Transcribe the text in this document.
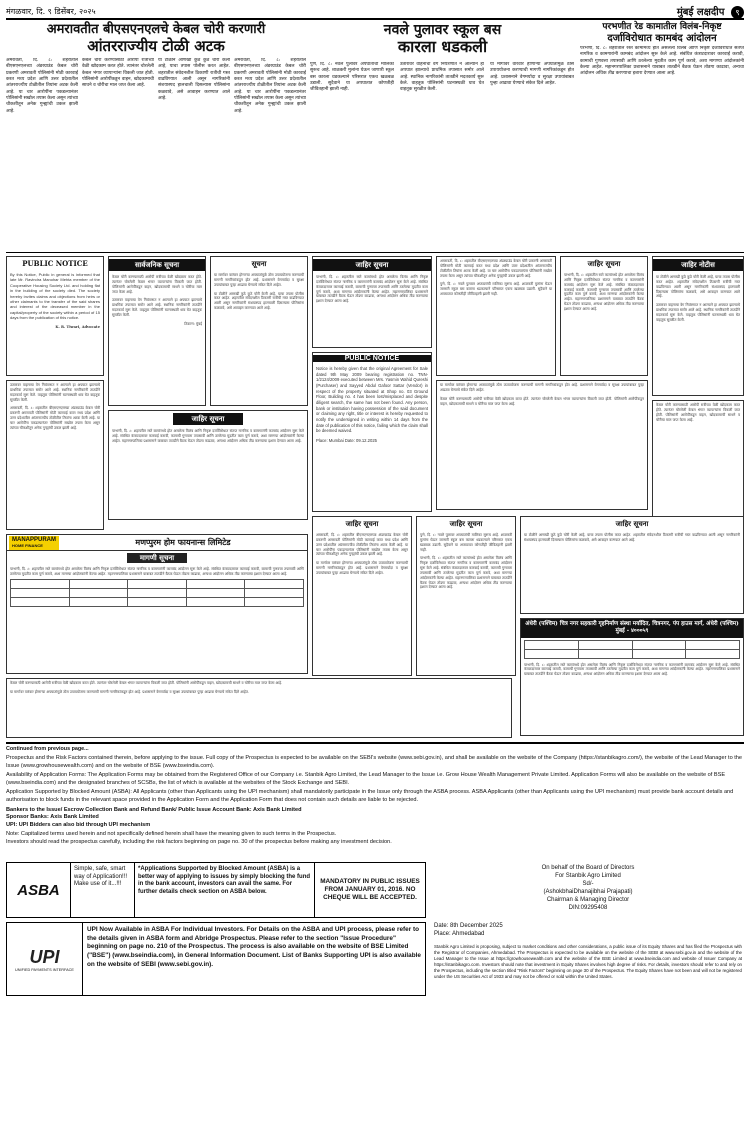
मंगळवार, दि. ९ डिसेंबर, २०२५	मुंबई लक्षदीप ९
अमरावतीत बीएसएनएलचे केबल चोरी करणारी
आंतरराज्यीय टोळी अटक
अमरावती, दि. ८: शहरातील बीएसएनएलच्या अंडरग्राउंड केबल चोरी प्रकरणी अमरावती पोलिसांनी मोठी कारवाई करत मध्य प्रदेश आणि उत्तर प्रदेशातील आंतरराज्यीय टोळीतील तिघांना अटक केली आहे. या चार आरोपींना पकडल्यानंतर पोलिसांनी सखोल तपास केला असून त्यांच्या चौकशीतून अनेक गुन्ह्यांची उकल झाली आहे.
केबल चोरी करण्यासाठी आरोपी रात्रीच्या वेळी खोदकाम करत होते. त्यानंतर चोरलेली केबल भंगार व्यापाऱ्यांना विकली जात होती. पोलिसांनी आरोपींकडून वाहन, खोदकामाची साधने व चोरीचा माल जप्त केला आहे.
या टोळीने आणखी कुठे कुठे चोरी केली आहे, याचा तपास पोलीस करत आहेत. शहरातील संवेदनशील ठिकाणी रात्रीची गस्त वाढविण्यात आली असून नागरिकांनी संशयास्पद हालचाली दिसल्यास पोलिसांना कळवावे, असे आवाहन करण्यात आले आहे.
अमरावती, दि. ८: शहरातील बीएसएनएलच्या अंडरग्राउंड केबल चोरी प्रकरणी अमरावती पोलिसांनी मोठी कारवाई करत मध्य प्रदेश आणि उत्तर प्रदेशातील आंतरराज्यीय टोळीतील तिघांना अटक केली आहे. या चार आरोपींना पकडल्यानंतर पोलिसांनी सखोल तपास केला असून त्यांच्या चौकशीतून अनेक गुन्ह्यांची उकल झाली आहे.
नवले पुलावर स्कूल बस
कारला धडकली
पुणे, दि. ८: नवले पुलावर अपघातांची मालिका सुरूच आहे. शाळकरी मुलांना घेऊन जाणारी स्कूल बस कारला धडकल्याने परिसरात एकच खळबळ उडाली. सुदैवाने या अपघातात कोणतीही जीवितहानी झाली नाही.
उतारावर वाहनाचा वेग नियंत्रणात न आल्याने हा अपघात झाल्याचे प्राथमिक तपासात समोर आले आहे. स्थानिक नागरिकांनी तातडीने मदतकार्य सुरू केले. वाहतूक पोलिसांनी घटनास्थळी धाव घेत वाहतूक सुरळीत केली.
या मार्गावर वारंवार होणाऱ्या अपघातांमुळे ठोस उपाययोजना करण्याची मागणी नागरिकांकडून होत आहे. प्रशासनाने वेगमर्यादा व सुरक्षा उपायांबाबत पुन्हा आढावा घेण्याचे संकेत दिले आहेत.
परभणीत रेड कामातील विलंब-निकृष्ट
दर्जाविरोधात कामबंद आंदोलन
परभणी, दि. ८: शहरातील रस्ते कामांमध्ये होत असलेला विलंब आणि निकृष्ट दर्जाविरोधात संतप्त नागरिक व कामगारांनी कामबंद आंदोलन सुरू केले आहे. संबंधित कंत्राटदारावर कारवाई करावी, कामाची गुणवत्ता तपासावी आणि ठरलेल्या मुदतीत काम पूर्ण करावे, अशा मागण्या आंदोलकांनी केल्या आहेत. महानगरपालिका प्रशासनाने याबाबत तातडीने बैठक घेऊन तोडगा काढावा, अन्यथा आंदोलन अधिक तीव्र करण्याचा इशारा देण्यात आला आहे.
PUBLIC NOTICE
By this Notice, Public in general is informed that late Mr. Ravindra Manohar Mehta member of the Cooperative Housing Society Ltd. and holding flat in the building of the society died. The society hereby invites claims and objections from heirs or other claimants to the transfer of the said shares and interest of the deceased member in the capital/property of the society within a period of 15 days from the publication of this notice.
K. R. Tiwari, Advocate
सार्वजनिक सूचना
केबल चोरी करण्यासाठी आरोपी रात्रीच्या वेळी खोदकाम करत होते. त्यानंतर चोरलेली केबल भंगार व्यापाऱ्यांना विकली जात होती. पोलिसांनी आरोपींकडून वाहन, खोदकामाची साधने व चोरीचा माल जप्त केला आहे.
उतारावर वाहनाचा वेग नियंत्रणात न आल्याने हा अपघात झाल्याचे प्राथमिक तपासात समोर आले आहे. स्थानिक नागरिकांनी तातडीने मदतकार्य सुरू केले. वाहतूक पोलिसांनी घटनास्थळी धाव घेत वाहतूक सुरळीत केली.
ठिकाण: मुंबई
सूचना
या मार्गावर वारंवार होणाऱ्या अपघातांमुळे ठोस उपाययोजना करण्याची मागणी नागरिकांकडून होत आहे. प्रशासनाने वेगमर्यादा व सुरक्षा उपायांबाबत पुन्हा आढावा घेण्याचे संकेत दिले आहेत.
या टोळीने आणखी कुठे कुठे चोरी केली आहे, याचा तपास पोलीस करत आहेत. शहरातील संवेदनशील ठिकाणी रात्रीची गस्त वाढविण्यात आली असून नागरिकांनी संशयास्पद हालचाली दिसल्यास पोलिसांना कळवावे, असे आवाहन करण्यात आले आहे.
जाहिर सूचना
परभणी, दि. ८: शहरातील रस्ते कामांमध्ये होत असलेला विलंब आणि निकृष्ट दर्जाविरोधात संतप्त नागरिक व कामगारांनी कामबंद आंदोलन सुरू केले आहे. संबंधित कंत्राटदारावर कारवाई करावी, कामाची गुणवत्ता तपासावी आणि ठरलेल्या मुदतीत काम पूर्ण करावे, अशा मागण्या आंदोलकांनी केल्या आहेत. महानगरपालिका प्रशासनाने याबाबत तातडीने बैठक घेऊन तोडगा काढावा, अन्यथा आंदोलन अधिक तीव्र करण्याचा इशारा देण्यात आला आहे.
PUBLIC NOTICE
Notice is hereby given that the original Agreement for Sale dated 9th May 2009 bearing registration no. TNN-1/2124/2009 executed between Mrs. Yasmin Wahid Qureshi (Purchaser) and Sayyed Abdul Gafoor Sattar (Vendor) in respect of the property situated at Shop no. 03 Ground Floor, Building no. 4 has been lost/misplaced and despite diligent search, the same has not been found. Any person, bank or institution having possession of the said document or claiming any right, title or interest is hereby requested to notify the undersigned in writing within 14 days from the date of publication of this notice, failing which the claim shall be deemed waived.
Place: Mumbai Date: 09.12.2025
अमरावती, दि. ८: शहरातील बीएसएनएलच्या अंडरग्राउंड केबल चोरी प्रकरणी अमरावती पोलिसांनी मोठी कारवाई करत मध्य प्रदेश आणि उत्तर प्रदेशातील आंतरराज्यीय टोळीतील तिघांना अटक केली आहे. या चार आरोपींना पकडल्यानंतर पोलिसांनी सखोल तपास केला असून त्यांच्या चौकशीतून अनेक गुन्ह्यांची उकल झाली आहे.
पुणे, दि. ८: नवले पुलावर अपघातांची मालिका सुरूच आहे. शाळकरी मुलांना घेऊन जाणारी स्कूल बस कारला धडकल्याने परिसरात एकच खळबळ उडाली. सुदैवाने या अपघातात कोणतीही जीवितहानी झाली नाही.
जाहिर सूचना
परभणी, दि. ८: शहरातील रस्ते कामांमध्ये होत असलेला विलंब आणि निकृष्ट दर्जाविरोधात संतप्त नागरिक व कामगारांनी कामबंद आंदोलन सुरू केले आहे. संबंधित कंत्राटदारावर कारवाई करावी, कामाची गुणवत्ता तपासावी आणि ठरलेल्या मुदतीत काम पूर्ण करावे, अशा मागण्या आंदोलकांनी केल्या आहेत. महानगरपालिका प्रशासनाने याबाबत तातडीने बैठक घेऊन तोडगा काढावा, अन्यथा आंदोलन अधिक तीव्र करण्याचा इशारा देण्यात आला आहे.
जाहिर नोटीस
या टोळीने आणखी कुठे कुठे चोरी केली आहे, याचा तपास पोलीस करत आहेत. शहरातील संवेदनशील ठिकाणी रात्रीची गस्त वाढविण्यात आली असून नागरिकांनी संशयास्पद हालचाली दिसल्यास पोलिसांना कळवावे, असे आवाहन करण्यात आले आहे.
उतारावर वाहनाचा वेग नियंत्रणात न आल्याने हा अपघात झाल्याचे प्राथमिक तपासात समोर आले आहे. स्थानिक नागरिकांनी तातडीने मदतकार्य सुरू केले. वाहतूक पोलिसांनी घटनास्थळी धाव घेत वाहतूक सुरळीत केली.
उतारावर वाहनाचा वेग नियंत्रणात न आल्याने हा अपघात झाल्याचे प्राथमिक तपासात समोर आले आहे. स्थानिक नागरिकांनी तातडीने मदतकार्य सुरू केले. वाहतूक पोलिसांनी घटनास्थळी धाव घेत वाहतूक सुरळीत केली.
अमरावती, दि. ८: शहरातील बीएसएनएलच्या अंडरग्राउंड केबल चोरी प्रकरणी अमरावती पोलिसांनी मोठी कारवाई करत मध्य प्रदेश आणि उत्तर प्रदेशातील आंतरराज्यीय टोळीतील तिघांना अटक केली आहे. या चार आरोपींना पकडल्यानंतर पोलिसांनी सखोल तपास केला असून त्यांच्या चौकशीतून अनेक गुन्ह्यांची उकल झाली आहे.
जाहिर सूचना
परभणी, दि. ८: शहरातील रस्ते कामांमध्ये होत असलेला विलंब आणि निकृष्ट दर्जाविरोधात संतप्त नागरिक व कामगारांनी कामबंद आंदोलन सुरू केले आहे. संबंधित कंत्राटदारावर कारवाई करावी, कामाची गुणवत्ता तपासावी आणि ठरलेल्या मुदतीत काम पूर्ण करावे, अशा मागण्या आंदोलकांनी केल्या आहेत. महानगरपालिका प्रशासनाने याबाबत तातडीने बैठक घेऊन तोडगा काढावा, अन्यथा आंदोलन अधिक तीव्र करण्याचा इशारा देण्यात आला आहे.
या मार्गावर वारंवार होणाऱ्या अपघातांमुळे ठोस उपाययोजना करण्याची मागणी नागरिकांकडून होत आहे. प्रशासनाने वेगमर्यादा व सुरक्षा उपायांबाबत पुन्हा आढावा घेण्याचे संकेत दिले आहेत.
केबल चोरी करण्यासाठी आरोपी रात्रीच्या वेळी खोदकाम करत होते. त्यानंतर चोरलेली केबल भंगार व्यापाऱ्यांना विकली जात होती. पोलिसांनी आरोपींकडून वाहन, खोदकामाची साधने व चोरीचा माल जप्त केला आहे.	केबल चोरी करण्यासाठी आरोपी रात्रीच्या वेळी खोदकाम करत होते. त्यानंतर चोरलेली केबल भंगार व्यापाऱ्यांना विकली जात होती. पोलिसांनी आरोपींकडून वाहन, खोदकामाची साधने व चोरीचा माल जप्त केला आहे.
MANAPPURAM
HOME FINANCE	मणप्पुरम होम फायनान्स लिमिटेड
मागणी सूचना
परभणी, दि. ८: शहरातील रस्ते कामांमध्ये होत असलेला विलंब आणि निकृष्ट दर्जाविरोधात संतप्त नागरिक व कामगारांनी कामबंद आंदोलन सुरू केले आहे. संबंधित कंत्राटदारावर कारवाई करावी, कामाची गुणवत्ता तपासावी आणि ठरलेल्या मुदतीत काम पूर्ण करावे, अशा मागण्या आंदोलकांनी केल्या आहेत. महानगरपालिका प्रशासनाने याबाबत तातडीने बैठक घेऊन तोडगा काढावा, अन्यथा आंदोलन अधिक तीव्र करण्याचा इशारा देण्यात आला आहे.

जाहिर सूचना
अमरावती, दि. ८: शहरातील बीएसएनएलच्या अंडरग्राउंड केबल चोरी प्रकरणी अमरावती पोलिसांनी मोठी कारवाई करत मध्य प्रदेश आणि उत्तर प्रदेशातील आंतरराज्यीय टोळीतील तिघांना अटक केली आहे. या चार आरोपींना पकडल्यानंतर पोलिसांनी सखोल तपास केला असून त्यांच्या चौकशीतून अनेक गुन्ह्यांची उकल झाली आहे.
या मार्गावर वारंवार होणाऱ्या अपघातांमुळे ठोस उपाययोजना करण्याची मागणी नागरिकांकडून होत आहे. प्रशासनाने वेगमर्यादा व सुरक्षा उपायांबाबत पुन्हा आढावा घेण्याचे संकेत दिले आहेत.
जाहिर सूचना
पुणे, दि. ८: नवले पुलावर अपघातांची मालिका सुरूच आहे. शाळकरी मुलांना घेऊन जाणारी स्कूल बस कारला धडकल्याने परिसरात एकच खळबळ उडाली. सुदैवाने या अपघातात कोणतीही जीवितहानी झाली नाही.
परभणी, दि. ८: शहरातील रस्ते कामांमध्ये होत असलेला विलंब आणि निकृष्ट दर्जाविरोधात संतप्त नागरिक व कामगारांनी कामबंद आंदोलन सुरू केले आहे. संबंधित कंत्राटदारावर कारवाई करावी, कामाची गुणवत्ता तपासावी आणि ठरलेल्या मुदतीत काम पूर्ण करावे, अशा मागण्या आंदोलकांनी केल्या आहेत. महानगरपालिका प्रशासनाने याबाबत तातडीने बैठक घेऊन तोडगा काढावा, अन्यथा आंदोलन अधिक तीव्र करण्याचा इशारा देण्यात आला आहे.
जाहिर सूचना
या टोळीने आणखी कुठे कुठे चोरी केली आहे, याचा तपास पोलीस करत आहेत. शहरातील संवेदनशील ठिकाणी रात्रीची गस्त वाढविण्यात आली असून नागरिकांनी संशयास्पद हालचाली दिसल्यास पोलिसांना कळवावे, असे आवाहन करण्यात आले आहे.
अंधेरी (पश्चिम) चित्र नगर सहकारी गृहनिर्माण संस्था मर्यादित, चित्रनगर, पंप हाउस मार्ग, अंधेरी (पश्चिम) मुंबई - ४०००५९

परभणी, दि. ८: शहरातील रस्ते कामांमध्ये होत असलेला विलंब आणि निकृष्ट दर्जाविरोधात संतप्त नागरिक व कामगारांनी कामबंद आंदोलन सुरू केले आहे. संबंधित कंत्राटदारावर कारवाई करावी, कामाची गुणवत्ता तपासावी आणि ठरलेल्या मुदतीत काम पूर्ण करावे, अशा मागण्या आंदोलकांनी केल्या आहेत. महानगरपालिका प्रशासनाने याबाबत तातडीने बैठक घेऊन तोडगा काढावा, अन्यथा आंदोलन अधिक तीव्र करण्याचा इशारा देण्यात आला आहे.
केबल चोरी करण्यासाठी आरोपी रात्रीच्या वेळी खोदकाम करत होते. त्यानंतर चोरलेली केबल भंगार व्यापाऱ्यांना विकली जात होती. पोलिसांनी आरोपींकडून वाहन, खोदकामाची साधने व चोरीचा माल जप्त केला आहे.
या मार्गावर वारंवार होणाऱ्या अपघातांमुळे ठोस उपाययोजना करण्याची मागणी नागरिकांकडून होत आहे. प्रशासनाने वेगमर्यादा व सुरक्षा उपायांबाबत पुन्हा आढावा घेण्याचे संकेत दिले आहेत.
Continued from previous page...
Prospectus and the Risk Factors contained therein, before applying to the issue. Full copy of the Prospectus is expected to be available on the SEBI's website (www.sebi.gov.in), and shall be available on the website of the Company (https://stanbikagro.com/), the website of the Lead Manager to the Issue (www.growhousewealth.com) and on the website of BSE (www.bseindia.com).
Availability of Application Forms: The Application Forms may be obtained from the Registered Office of our Company i.e. Stanbik Agro Limited, the Lead Manager to the Issue i.e. Grow House Wealth Management Private Limited. Application Forms will also be available on the website of BSE (www.bseindia.com) and the designated branches of SCSBs, the list of which is available at the websites of the Stock Exchange and SEBI.
Application Supported by Blocked Amount (ASBA): All Applicants (other than Applicants using the UPI mechanism) shall mandatorily participate in the Issue only through the ASBA process. ASBA Applicants (other than Applicants using the UPI mechanism) must provide bank account details and authorisation to block funds in the relevant space provided in the Application Form and the Application Form that does not contain such details are liable to be rejected.
Bankers to the Issue/ Escrow Collection Bank and Refund Bank/ Public Issue Account Bank: Axis Bank Limited
Sponsor Banks: Axis Bank Limited
UPI: UPI Bidders can also bid through UPI mechanism
Note: Capitalized terms used herein and not specifically defined herein shall have the meaning given to such terms in the Prospectus.
Investors should read the prospectus carefully, including the risk factors beginning on page no. 30 of the prospectus before making any investment decision.
ASBA
Simple, safe, smart way of Application!!! Make use of it...!!!
*Applications Supported by Blocked Amount (ASBA) is a better way of applying to issues by simply blocking the fund in the bank account, investors can avail the same. For further details check section on ASBA below.
MANDATORY IN PUBLIC ISSUES FROM JANUARY 01, 2016. NO CHEQUE WILL BE ACCEPTED.
UPI
UNIFIED PAYMENTS INTERFACE
UPI Now Available in ASBA For Individual Investors. For Details on the ASBA and UPI process, please refer to the details given in ASBA form and Abridge Prospectus. Please refer to the section "Issue Procedure" beginning on page no. 210 of the Prospectus. The process is also available on the website of BSE Limited ("BSE") (www.bseindia.com), in General Information Document. List of Banks Supporting UPI is also available on the website of SEBI (www.sebi.gov.in).
On behalf of the Board of Directors
For Stanbik Agro Limited
Sd/-
(AshokbhaiDhanajibhai Prajapati)
Chairman & Managing Director
DIN:09295408
Date: 8th December 2025
Place: Ahmedabad
Stanbik Agro Limited is proposing, subject to market conditions and other considerations, a public issue of its Equity Shares and has filed the Prospectus with the Registrar of Companies, Ahmedabad. The Prospectus is expected to be available on the website of the SEBI at www.sebi.gov.in and the website of the Lead Manager to the Issue at https://growhousewealth.com and the website of the BSE Limited at www.bseindia.com and website of Issuer Company at https://stanbikagro.com. Investors should note that investment in Equity Shares involves high degree of risks. For details, investors should refer to and rely on the Prospectus, including the section titled "Risk Factors" beginning on page 30 of the Prospectus. The Equity Shares have not been and will not be registered under the US Securities Act of 1933 and may not be offered or sold within the United States.
